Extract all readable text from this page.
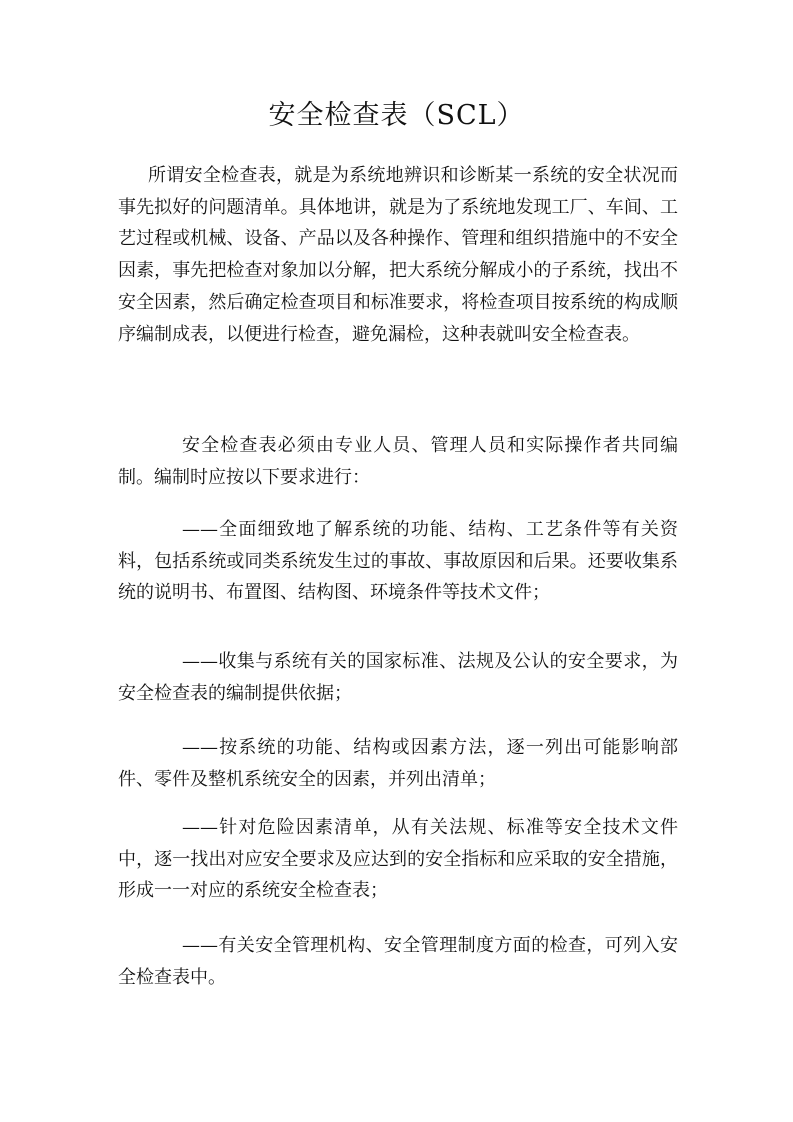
安全检查表（SCL）

所谓安全检查表，就是为系统地辨识和诊断某一系统的安全状况而事先拟好的问题清单。具体地讲，就是为了系统地发现工厂、车间、工艺过程或机械、设备、产品以及各种操作、管理和组织措施中的不安全因素，事先把检查对象加以分解，把大系统分解成小的子系统，找出不安全因素，然后确定检查项目和标准要求，将检查项目按系统的构成顺序编制成表，以便进行检查，避免漏检，这种表就叫安全检查表。

安全检查表必须由专业人员、管理人员和实际操作者共同编制。编制时应按以下要求进行：

——全面细致地了解系统的功能、结构、工艺条件等有关资料，包括系统或同类系统发生过的事故、事故原因和后果。还要收集系统的说明书、布置图、结构图、环境条件等技术文件；

——收集与系统有关的国家标准、法规及公认的安全要求，为安全检查表的编制提供依据；

——按系统的功能、结构或因素方法，逐一列出可能影响部件、零件及整机系统安全的因素，并列出清单；

——针对危险因素清单，从有关法规、标准等安全技术文件中，逐一找出对应安全要求及应达到的安全指标和应采取的安全措施，形成一一对应的系统安全检查表；

——有关安全管理机构、安全管理制度方面的检查，可列入安全检查表中。
